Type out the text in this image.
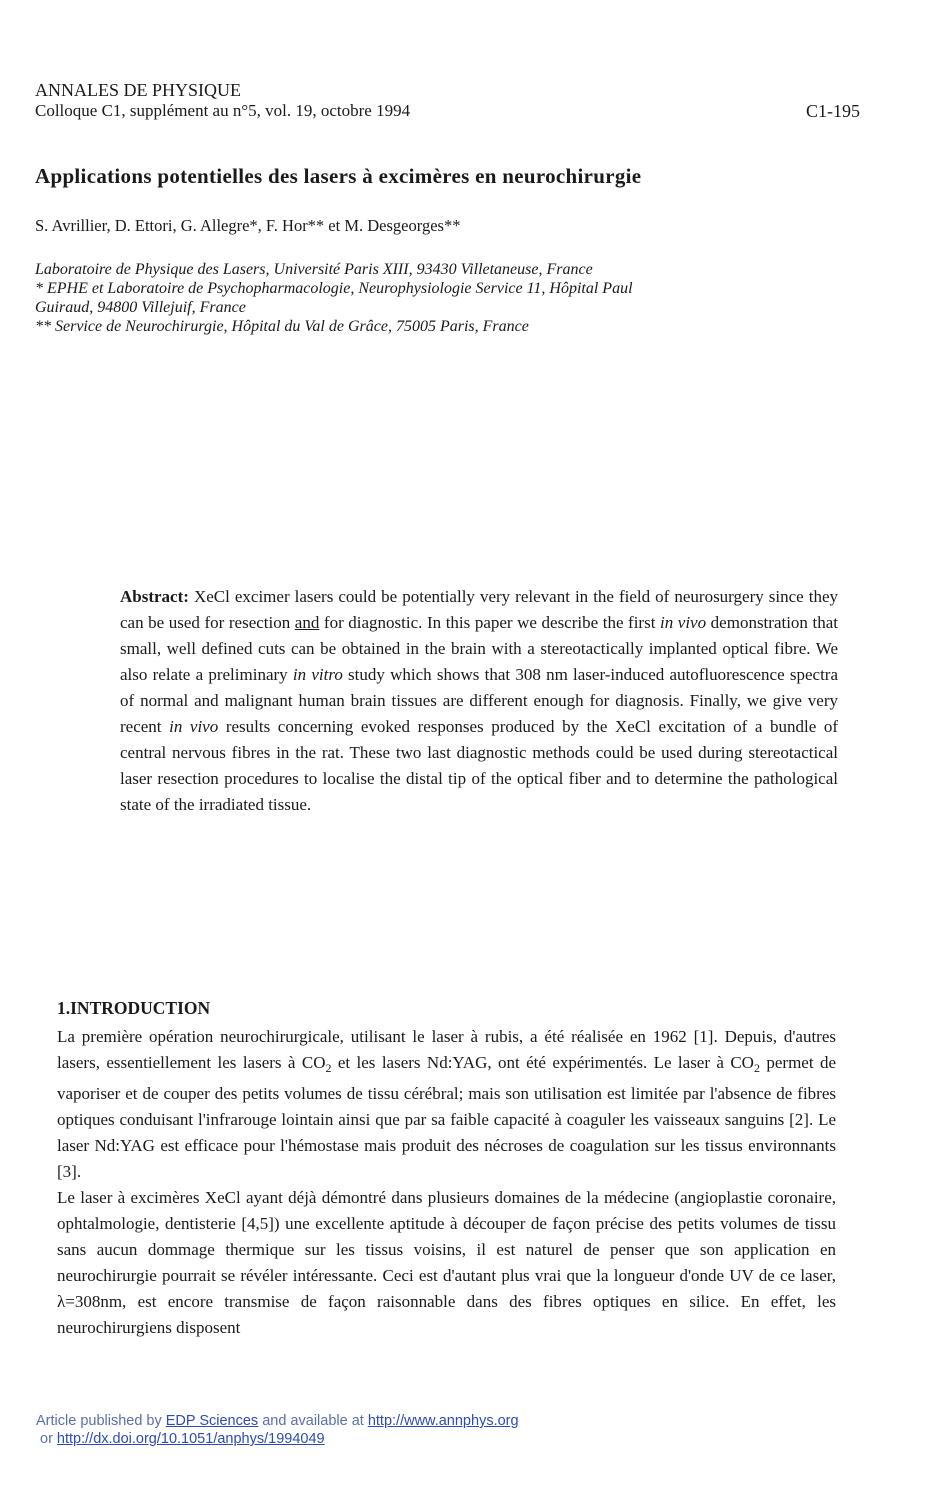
ANNALES DE PHYSIQUE
Colloque C1, supplément au n°5, vol. 19, octobre 1994	C1-195
Applications potentielles des lasers à excimères en neurochirurgie
S. Avrillier, D. Ettori, G. Allegre*, F. Hor** et M. Desgeorges**
Laboratoire de Physique des Lasers, Université Paris XIII, 93430 Villetaneuse, France
* EPHE et Laboratoire de Psychopharmacologie, Neurophysiologie Service 11, Hôpital Paul
Guiraud, 94800 Villejuif, France
** Service de Neurochirurgie, Hôpital du Val de Grâce, 75005 Paris, France
Abstract: XeCl excimer lasers could be potentially very relevant in the field of neurosurgery since they can be used for resection and for diagnostic. In this paper we describe the first in vivo demonstration that small, well defined cuts can be obtained in the brain with a stereotactically implanted optical fibre. We also relate a preliminary in vitro study which shows that 308 nm laser-induced autofluorescence spectra of normal and malignant human brain tissues are different enough for diagnosis. Finally, we give very recent in vivo results concerning evoked responses produced by the XeCl excitation of a bundle of central nervous fibres in the rat. These two last diagnostic methods could be used during stereotactical laser resection procedures to localise the distal tip of the optical fiber and to determine the pathological state of the irradiated tissue.
1.INTRODUCTION

La première opération neurochirurgicale, utilisant le laser à rubis, a été réalisée en 1962 [1]. Depuis, d'autres lasers, essentiellement les lasers à $CO_2$ et les lasers Nd:YAG, ont été expérimentés. Le laser à $CO_2$ permet de vaporiser et de couper des petits volumes de tissu cérébral; mais son utilisation est limitée par l'absence de fibres optiques conduisant l'infrarouge lointain ainsi que par sa faible capacité à coaguler les vaisseaux sanguins [2]. Le laser Nd:YAG est efficace pour l'hémostase mais produit des nécroses de coagulation sur les tissus environnants [3].

Le laser à excimères XeCl ayant déjà démontré dans plusieurs domaines de la médecine (angioplastie coronaire, ophtalmologie, dentisterie [4,5]) une excellente aptitude à découper de façon précise des petits volumes de tissu sans aucun dommage thermique sur les tissus voisins, il est naturel de penser que son application en neurochirurgie pourrait se révéler intéressante. Ceci est d'autant plus vrai que la longueur d'onde UV de ce laser, λ=308nm, est encore transmise de façon raisonnable dans des fibres optiques en silice. En effet, les neurochirurgiens disposent

Article published by EDP Sciences and available at http://www.annphys.org
or http://dx.doi.org/10.1051/anphys/1994049
